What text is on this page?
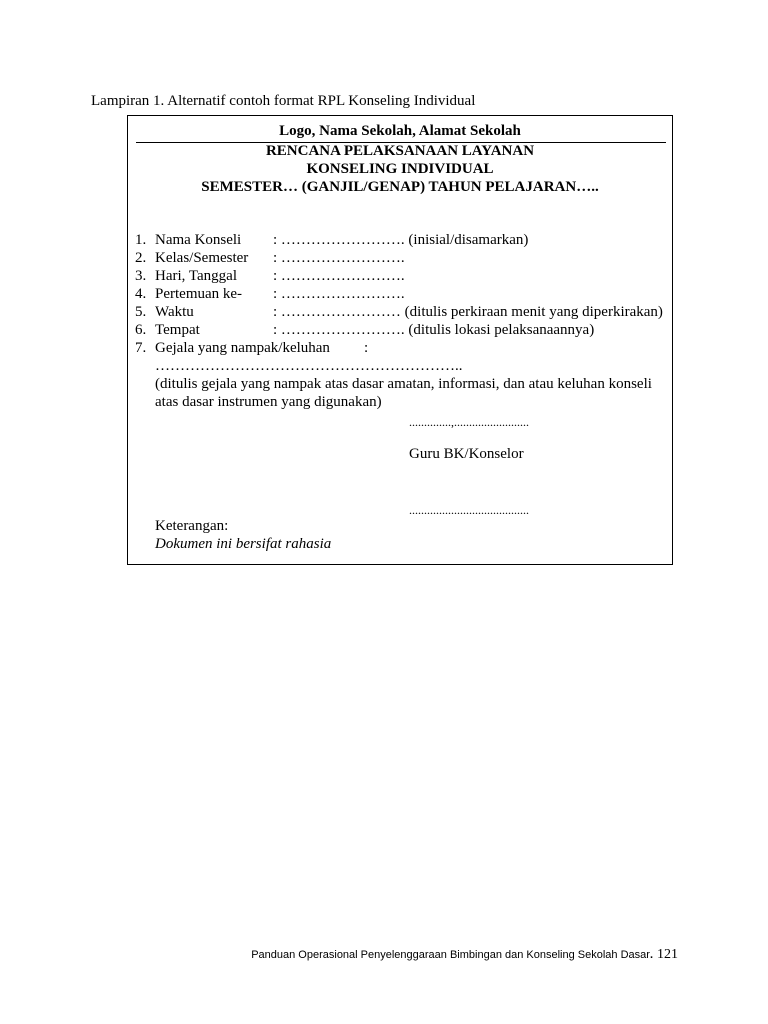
Lampiran 1. Alternatif contoh format RPL Konseling Individual
Logo, Nama Sekolah, Alamat Sekolah
RENCANA PELAKSANAAN LAYANAN
KONSELING INDIVIDUAL
SEMESTER… (GANJIL/GENAP) TAHUN PELAJARAN…..
1. Nama Konseli : ……………………. (inisial/disamarkan)
2. Kelas/Semester : …………………….
3. Hari, Tanggal : …………………….
4. Pertemuan ke- : …………………….
5. Waktu	: …………………… (ditulis perkiraan menit yang diperkirakan)
6. Tempat	: ……………………. (ditulis lokasi pelaksanaannya)
7. Gejala yang nampak/keluhan :
……………………………………………………..
(ditulis gejala yang nampak atas dasar amatan, informasi, dan atau keluhan konseli
atas dasar instrumen yang digunakan)
..............,.........................
Guru BK/Konselor
........................................
Keterangan:
Dokumen ini bersifat rahasia
Panduan Operasional Penyelenggaraan Bimbingan dan Konseling Sekolah Dasar. 121
